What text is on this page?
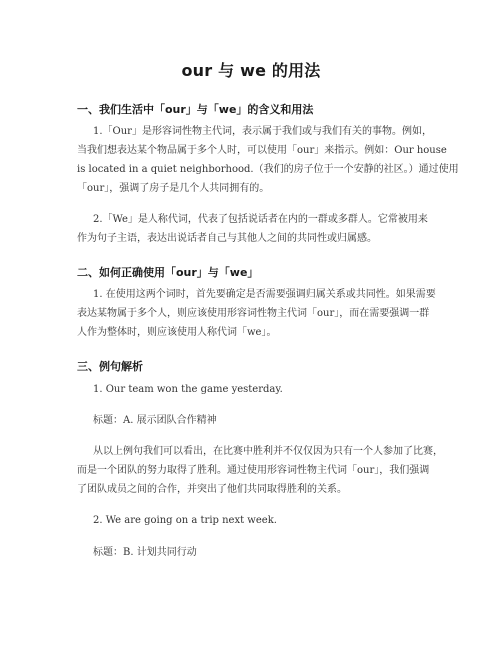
our 与 we 的用法
一、我们生活中「our」与「we」的含义和用法
1.「Our」是形容词性物主代词，表示属于我们或与我们有关的事物。例如，
当我们想表达某个物品属于多个人时，可以使用「our」来指示。例如：Our house
is located in a quiet neighborhood.（我们的房子位于一个安静的社区。）通过使用
「our」，强调了房子是几个人共同拥有的。
2.「We」是人称代词，代表了包括说话者在内的一群或多群人。它常被用来
作为句子主语，表达出说话者自己与其他人之间的共同性或归属感。
二、如何正确使用「our」与「we」
1. 在使用这两个词时，首先要确定是否需要强调归属关系或共同性。如果需要
表达某物属于多个人，则应该使用形容词性物主代词「our」，而在需要强调一群
人作为整体时，则应该使用人称代词「we」。
三、例句解析
1. Our team won the game yesterday.
标题：A. 展示团队合作精神
从以上例句我们可以看出，在比赛中胜利并不仅仅因为只有一个人参加了比赛，
而是一个团队的努力取得了胜利。通过使用形容词性物主代词「our」，我们强调
了团队成员之间的合作，并突出了他们共同取得胜利的关系。
2. We are going on a trip next week.
标题：B. 计划共同行动
